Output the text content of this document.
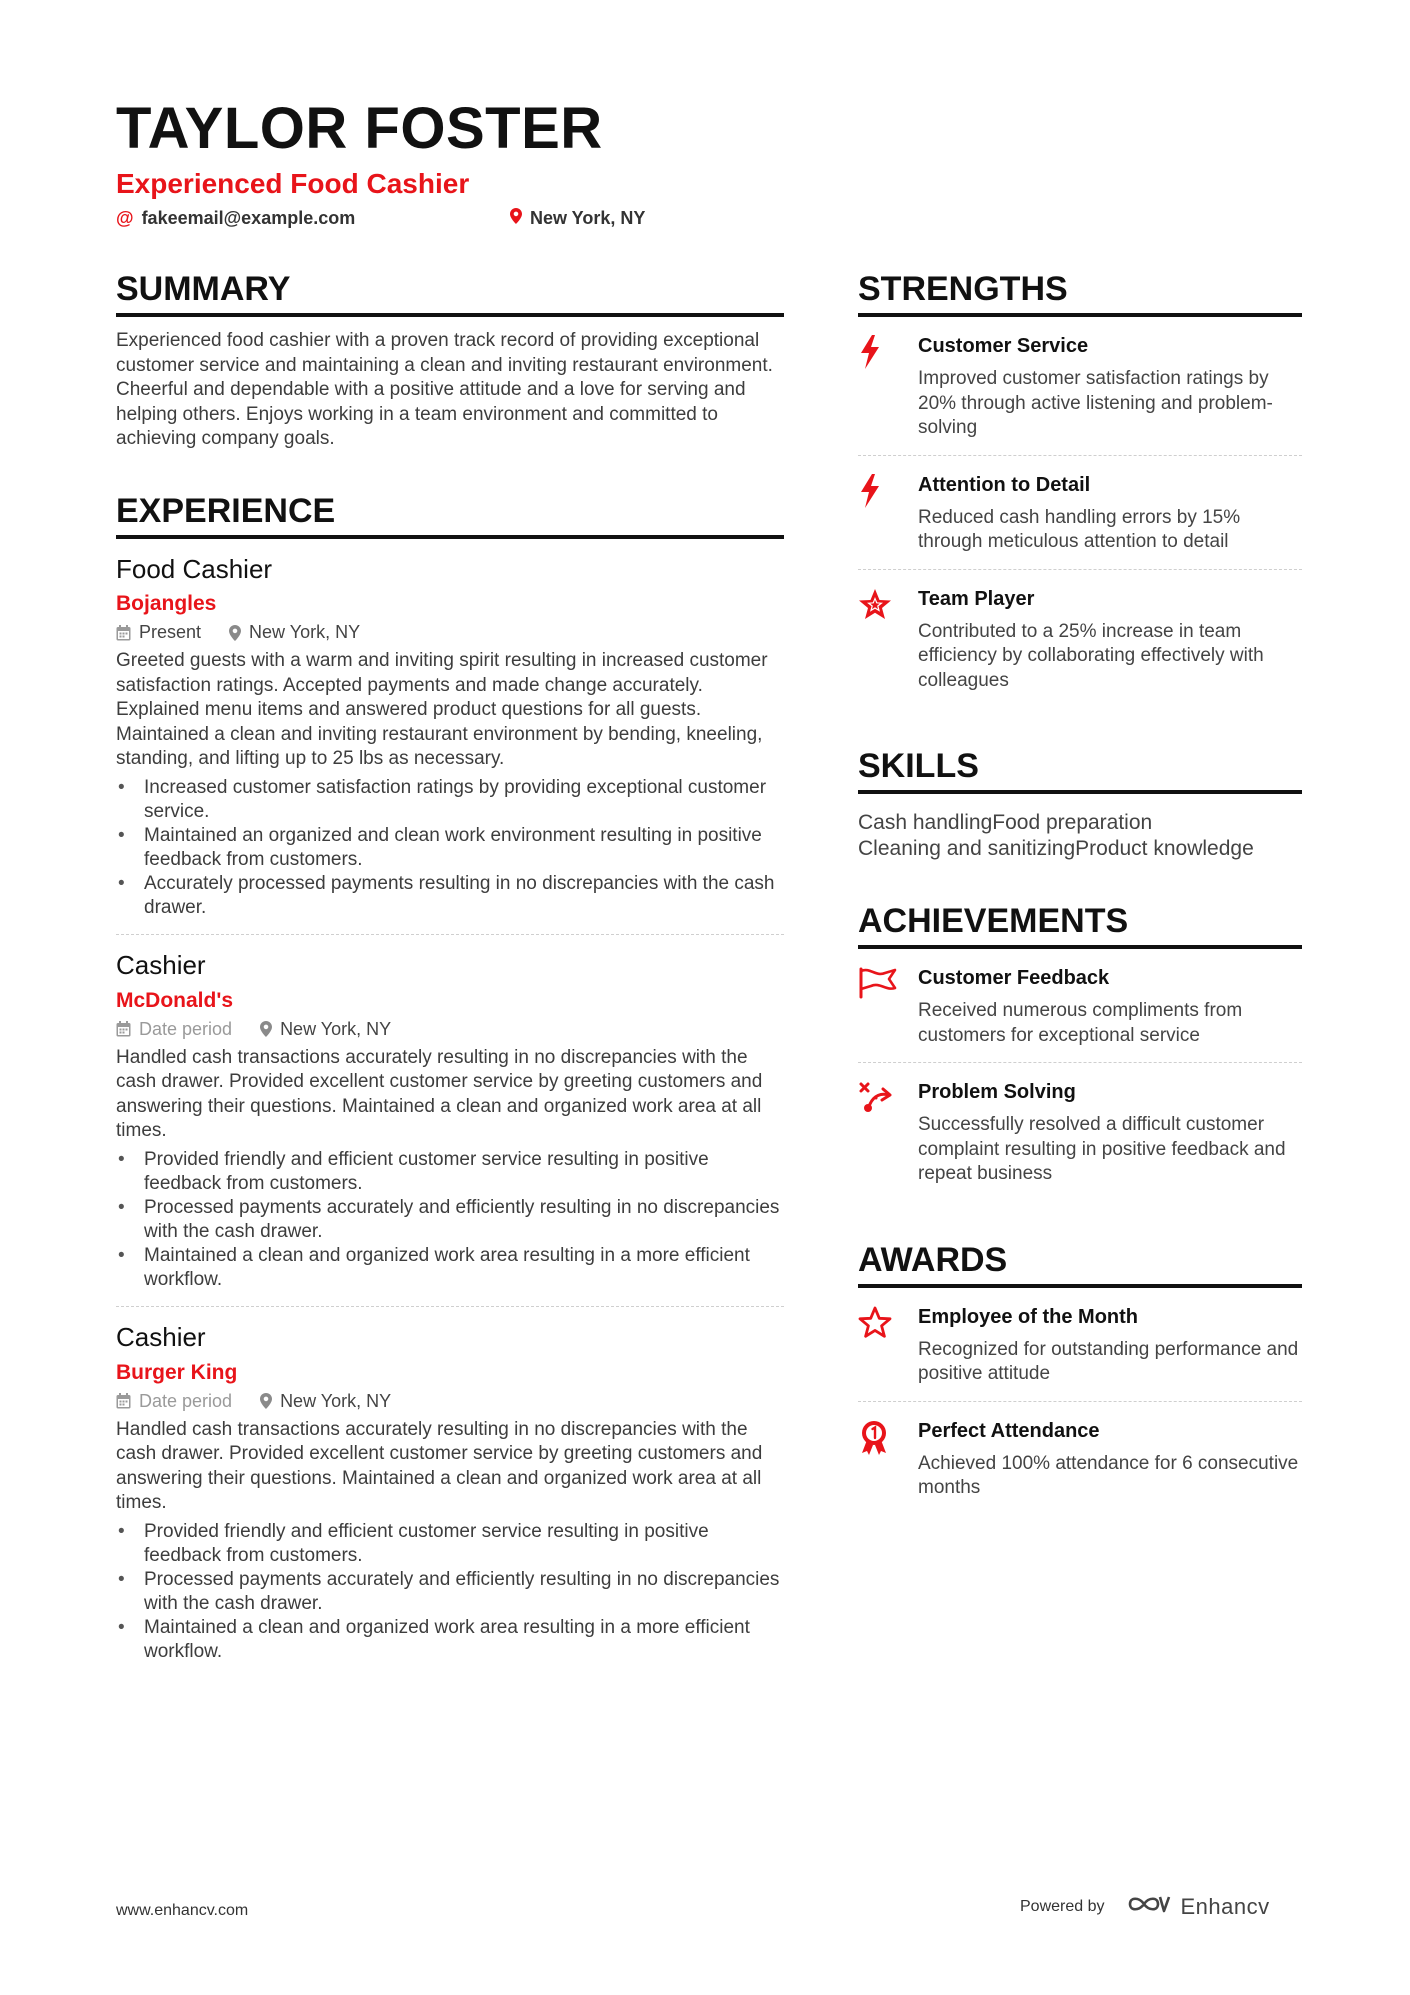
TAYLOR FOSTER
Experienced Food Cashier
@ fakeemail@example.com	New York, NY
SUMMARY

Experienced food cashier with a proven track record of providing exceptional customer service and maintaining a clean and inviting restaurant environment. Cheerful and dependable with a positive attitude and a love for serving and helping others. Enjoys working in a team environment and committed to achieving company goals.

EXPERIENCE
Food Cashier
Bojangles
Present	New York, NY

Greeted guests with a warm and inviting spirit resulting in increased customer satisfaction ratings. Accepted payments and made change accurately. Explained menu items and answered product questions for all guests. Maintained a clean and inviting restaurant environment by bending, kneeling, standing, and lifting up to 25 lbs as necessary.

• Increased customer satisfaction ratings by providing exceptional customer service.
• Maintained an organized and clean work environment resulting in positive feedback from customers.
• Accurately processed payments resulting in no discrepancies with the cash drawer.
Cashier
McDonald's
Date period	New York, NY

Handled cash transactions accurately resulting in no discrepancies with the cash drawer. Provided excellent customer service by greeting customers and answering their questions. Maintained a clean and organized work area at all times.

• Provided friendly and efficient customer service resulting in positive feedback from customers.
• Processed payments accurately and efficiently resulting in no discrepancies with the cash drawer.
• Maintained a clean and organized work area resulting in a more efficient workflow.
Cashier
Burger King
Date period	New York, NY

Handled cash transactions accurately resulting in no discrepancies with the cash drawer. Provided excellent customer service by greeting customers and answering their questions. Maintained a clean and organized work area at all times.

• Provided friendly and efficient customer service resulting in positive feedback from customers.
• Processed payments accurately and efficiently resulting in no discrepancies with the cash drawer.
• Maintained a clean and organized work area resulting in a more efficient workflow.
STRENGTHS
Customer Service
Improved customer satisfaction ratings by 20% through active listening and problem-solving
Attention to Detail
Reduced cash handling errors by 15% through meticulous attention to detail
Team Player
Contributed to a 25% increase in team efficiency by collaborating effectively with colleagues
SKILLS
Cash handlingFood preparation
Cleaning and sanitizingProduct knowledge
ACHIEVEMENTS
Customer Feedback
Received numerous compliments from customers for exceptional service
Problem Solving
Successfully resolved a difficult customer complaint resulting in positive feedback and repeat business
AWARDS
Employee of the Month
Recognized for outstanding performance and positive attitude
Perfect Attendance
Achieved 100% attendance for 6 consecutive months
www.enhancv.com	Powered by	Enhancv
